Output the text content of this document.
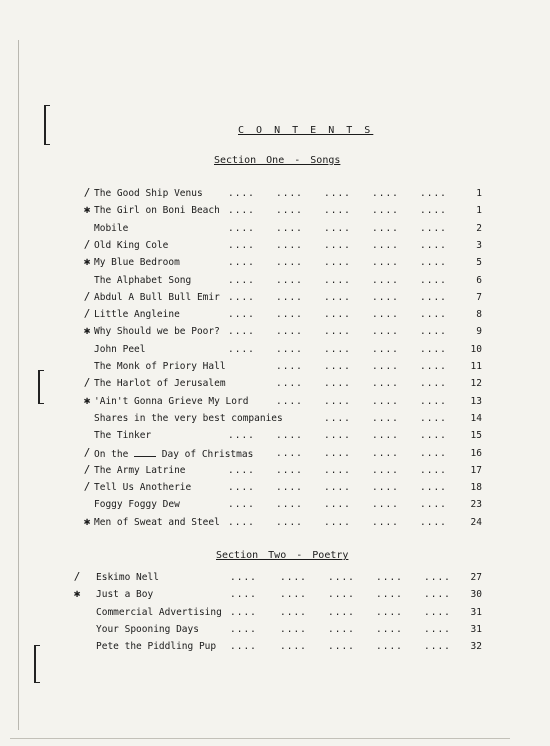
C O N T E N T S
Section One - Songs
/ The Good Ship Venus	.... .... .... .... ....	1
✱ The Girl on Boni Beach .... .... .... .... ....	1
Mobile	.... .... .... .... ....	2
/ Old King Cole	.... .... .... .... ....	3
✱ My Blue Bedroom	.... .... .... .... ....	5
The Alphabet Song	.... .... .... .... ....	6
/ Abdul A Bull Bull Emir .... .... .... .... ....	7
/ Little Angleine	.... .... .... .... ....	8
✱ Why Should we be Poor? .... .... .... .... ....	9
John Peel	.... .... .... .... ....	10
The Monk of Priory Hall	.... .... .... ....	11
/ The Harlot of Jerusalem	.... .... .... ....	12
✱ 'Ain't Gonna Grieve My Lord	.... .... .... ....	13
Shares in the very best companies	.... .... ....	14
The Tinker	.... .... .... .... ....	15
/ On the	Day of Christmas .... .... .... ....	16
/ The Army Latrine	.... .... .... .... ....	17
/ Tell Us Anotherie	.... .... .... .... ....	18
Foggy Foggy Dew	.... .... .... .... ....	23
✱ Men of Sweat and Steel .... .... .... .... ....	24
Section Two - Poetry
/	Eskimo Nell	.... .... .... .... ....	27
✱	Just a Boy	.... .... .... .... ....	30
Commercial Advertising .... .... .... .... ....	31
Your Spooning Days	.... .... .... .... ....	31
Pete the Piddling Pup .... .... .... .... ....	32
